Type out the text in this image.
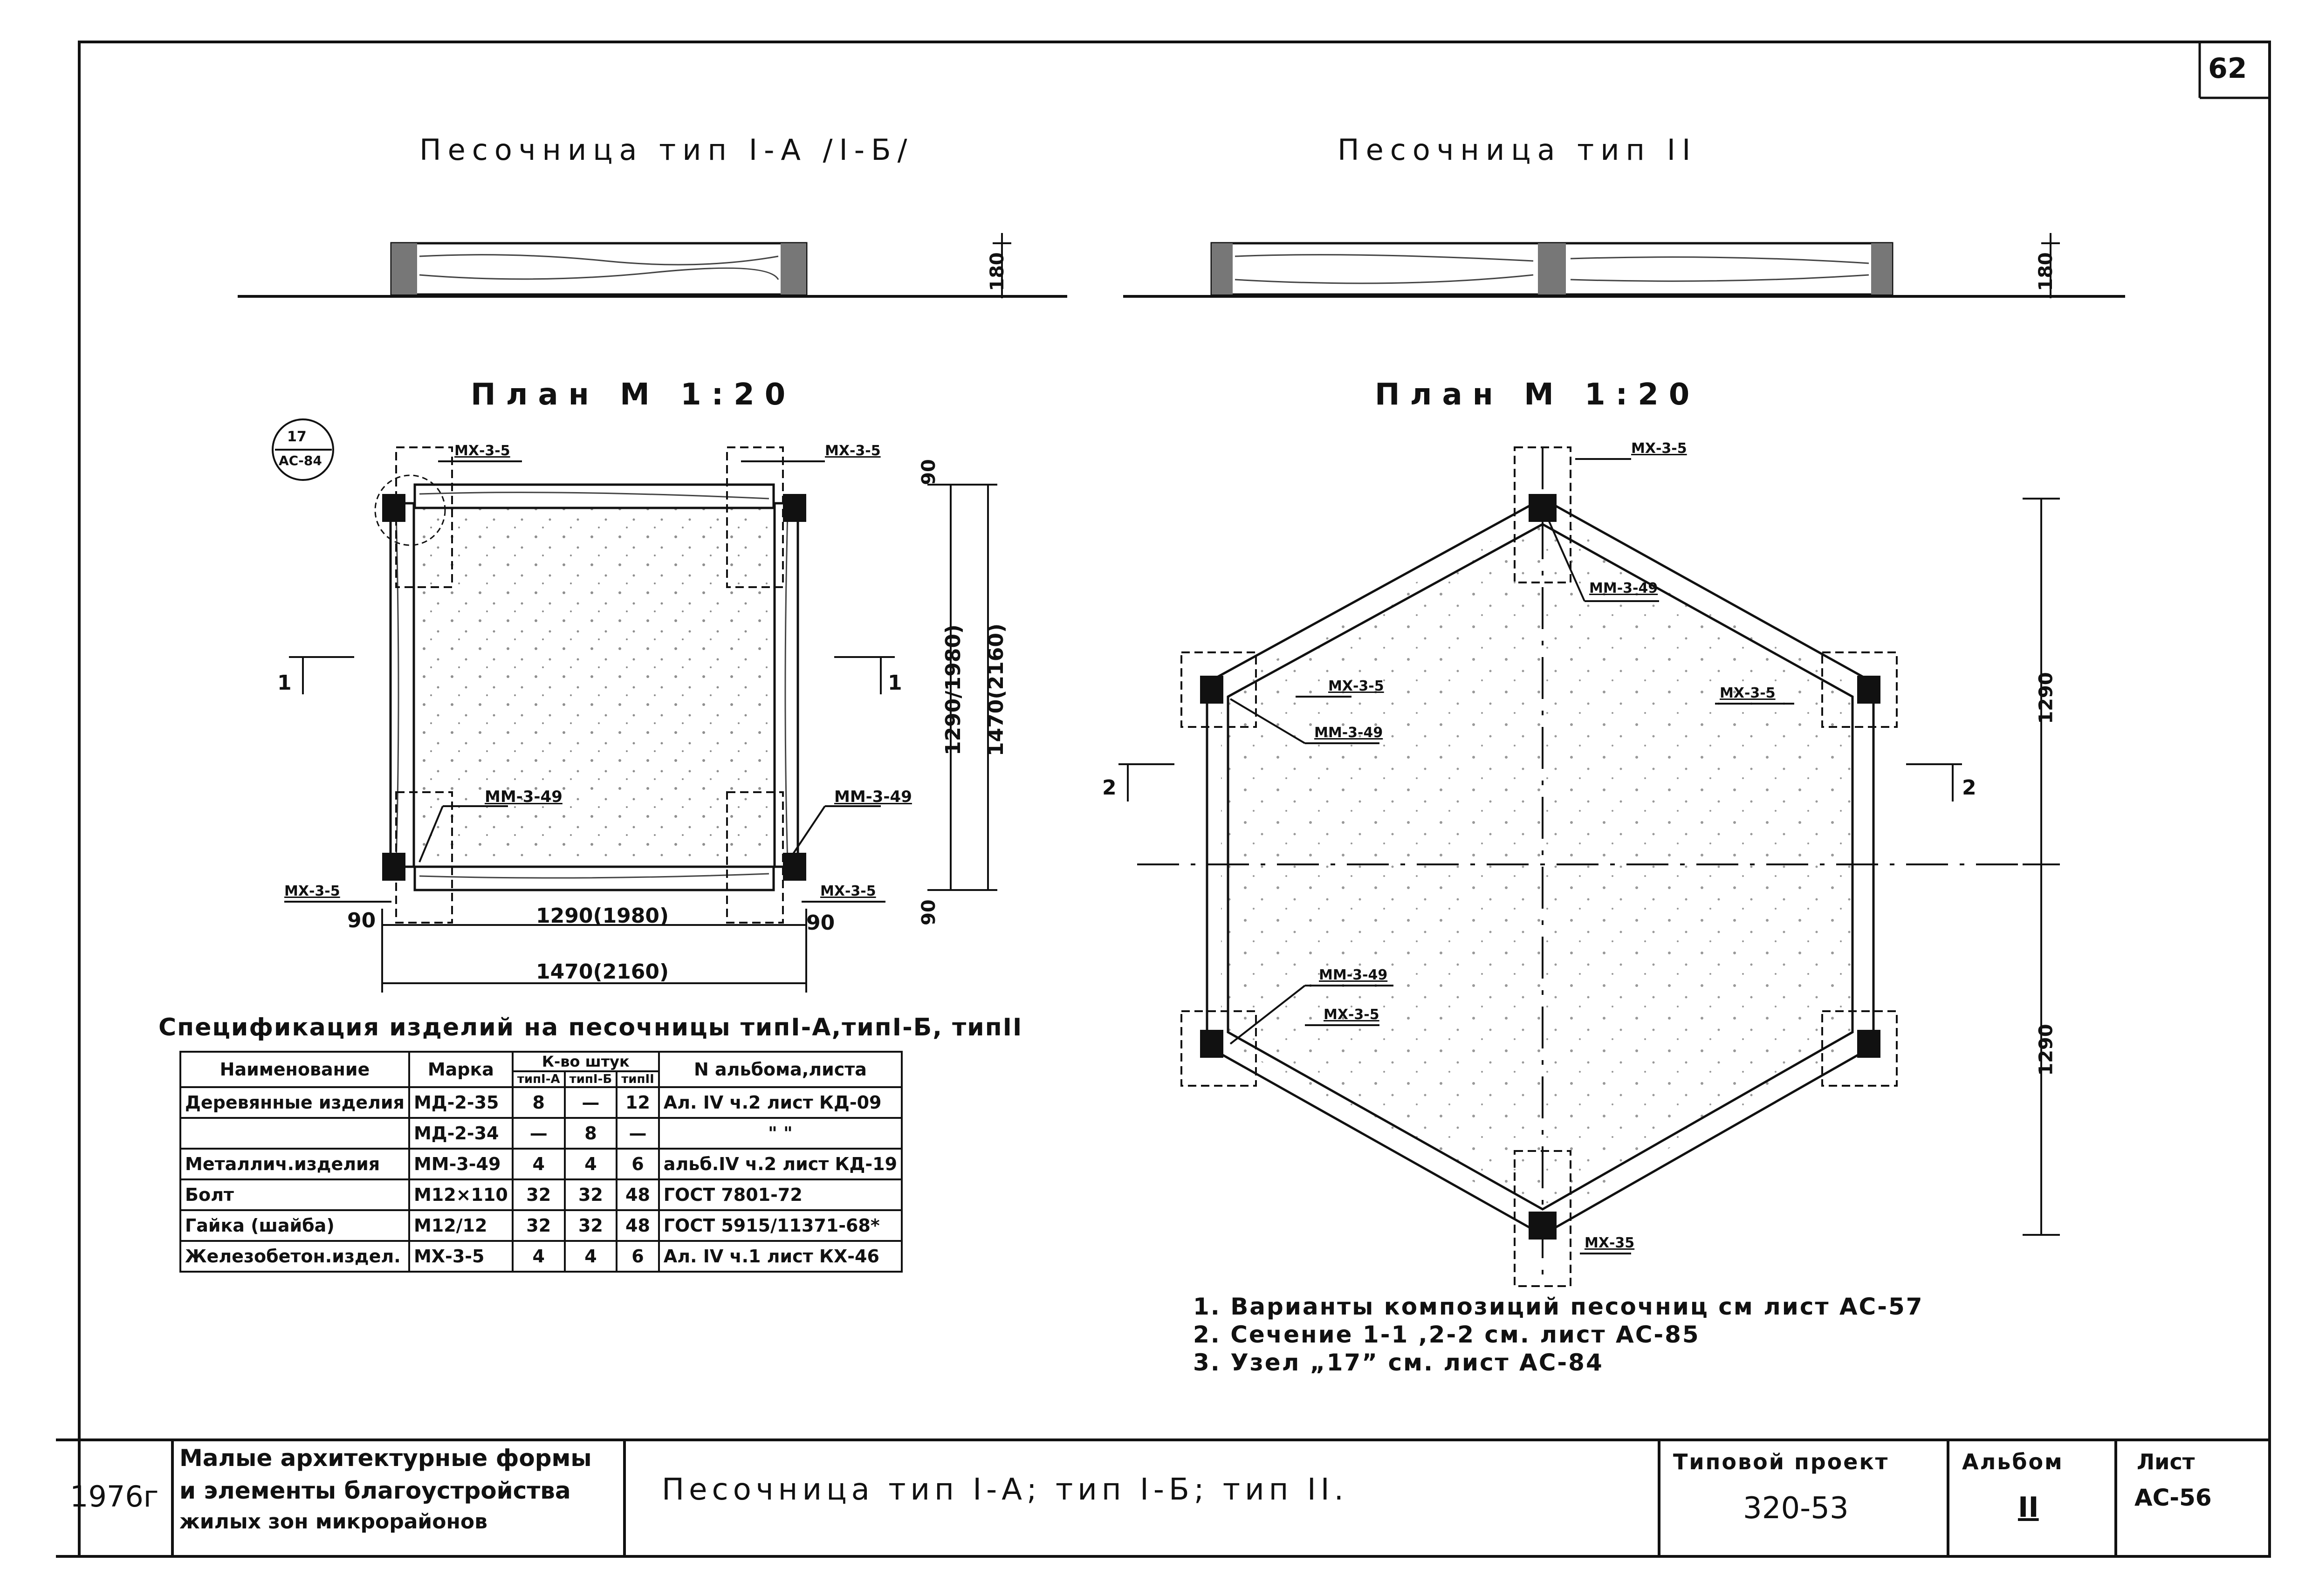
62
Песочница тип I-А /I-Б/	Песочница тип II
180	180
План М 1:20	План М 1:20
17
АС-84
МХ-3-5	МХ-3-5
МХ-3-5	МХ-3-5
ММ-3-49	ММ-3-49
1290(1980)
1470(2160)
90	90
1290/1980) 1470(2160)
90
90
1	1
МХ-3-5
ММ-3-49
МХ-3-5
ММ-3-49
МХ-3-5
ММ-3-49
МХ-3-5
МХ-35
1290
1290
2	2
Спецификация изделий на песочницы типI-А,типI-Б, типII
Наименование	Марка	К-во штук			N альбома,листа
		типI-А	типI-Б	типII	
Деревянные изделия	МД-2-35	8	—	12	Ал. IV ч.2 лист КД-09
	МД-2-34	—	8	—	" "
Металлич.изделия	ММ-3-49	4	4	6	альб.IV ч.2 лист КД-19
Болт	М12×110	32	32	48	ГОСТ 7801-72
Гайка (шайба)	М12/12	32	32	48	ГОСТ 5915/11371-68*
Железобетон.издел.	МХ-3-5	4	4	6	Ал. IV ч.1 лист КХ-46
1. Варианты композиций песочниц см лист АС-57
2. Сечение 1-1 ,2-2 см. лист АС-85
3. Узел „17” см. лист АС-84
1976г
Малые архитектурные формы
и элементы благоустройства
жилых зон микрорайонов
Песочница тип I-А; тип I-Б; тип II.
Типовой проект
320-53
Альбом
II
Лист
АС-56
